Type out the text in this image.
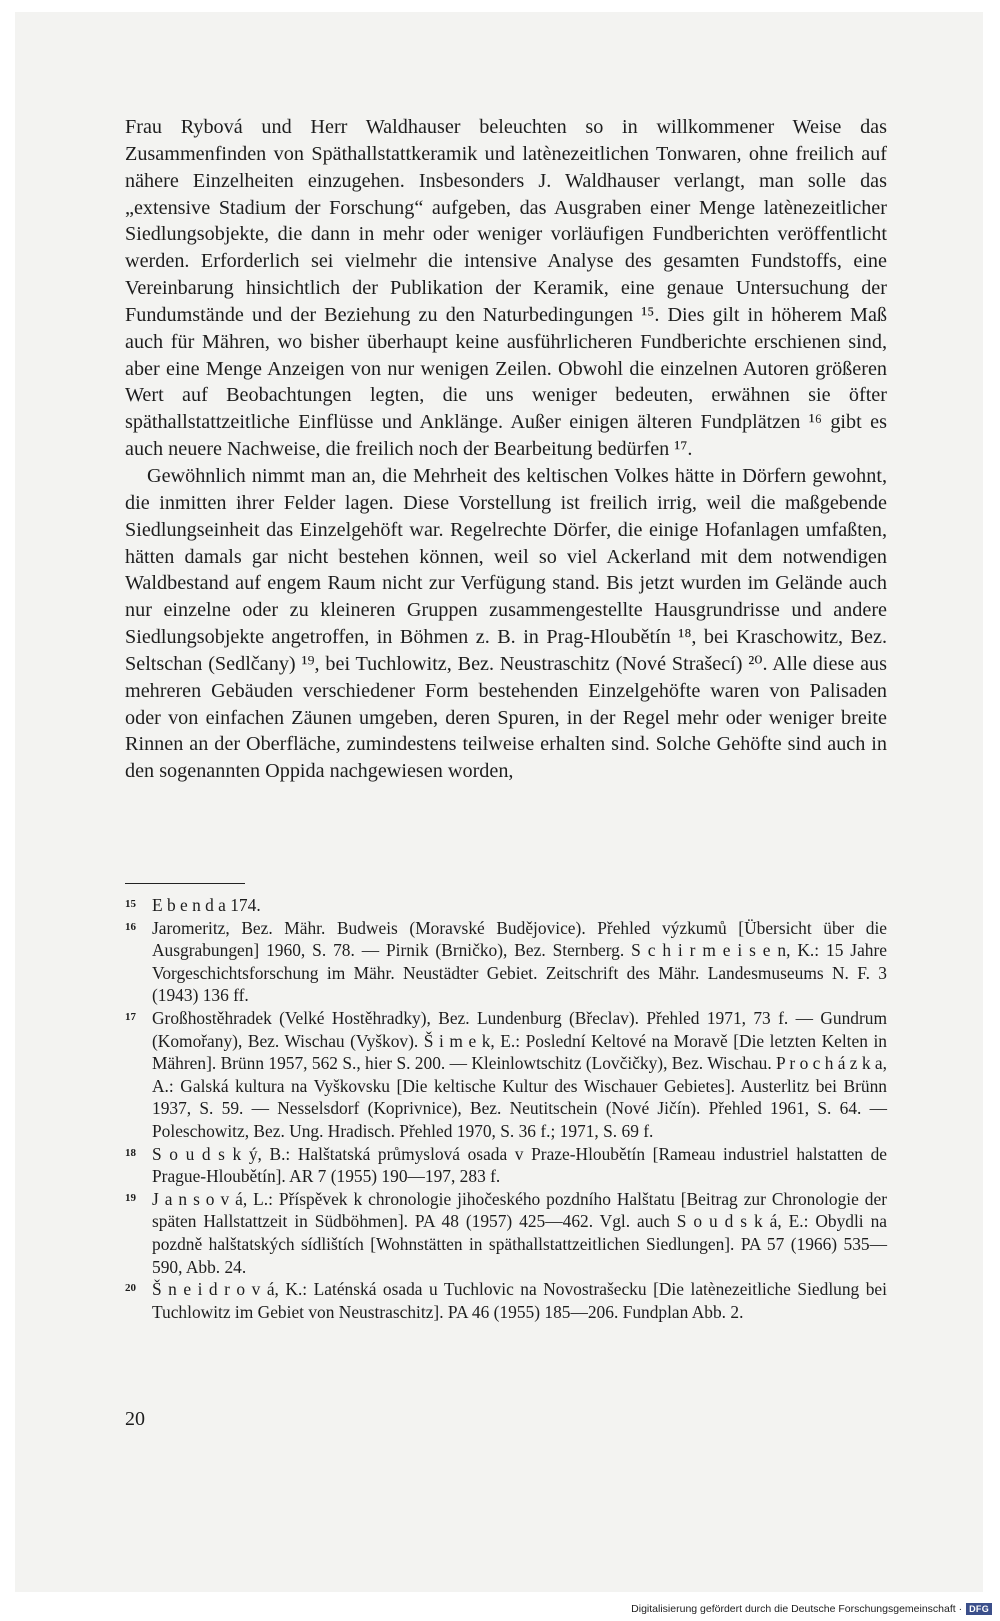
Frau Rybová und Herr Waldhauser beleuchten so in willkommener Weise das Zusammenfinden von Späthallstattkeramik und latènezeitlichen Tonwaren, ohne freilich auf nähere Einzelheiten einzugehen. Insbesonders J. Waldhauser verlangt, man solle das „extensive Stadium der Forschung“ aufgeben, das Ausgraben einer Menge latènezeitlicher Siedlungsobjekte, die dann in mehr oder weniger vorläufigen Fundberichten veröffentlicht werden. Erforderlich sei vielmehr die intensive Analyse des gesamten Fundstoffs, eine Vereinbarung hinsichtlich der Publikation der Keramik, eine genaue Untersuchung der Fundumstände und der Beziehung zu den Naturbedingungen ¹⁵. Dies gilt in höherem Maß auch für Mähren, wo bisher überhaupt keine ausführlicheren Fundberichte erschienen sind, aber eine Menge Anzeigen von nur wenigen Zeilen. Obwohl die einzelnen Autoren größeren Wert auf Beobachtungen legten, die uns weniger bedeuten, erwähnen sie öfter späthallstattzeitliche Einflüsse und Anklänge. Außer einigen älteren Fundplätzen ¹⁶ gibt es auch neuere Nachweise, die freilich noch der Bearbeitung bedürfen ¹⁷.

Gewöhnlich nimmt man an, die Mehrheit des keltischen Volkes hätte in Dörfern gewohnt, die inmitten ihrer Felder lagen. Diese Vorstellung ist freilich irrig, weil die maßgebende Siedlungseinheit das Einzelgehöft war. Regelrechte Dörfer, die einige Hofanlagen umfaßten, hätten damals gar nicht bestehen können, weil so viel Ackerland mit dem notwendigen Waldbestand auf engem Raum nicht zur Verfügung stand. Bis jetzt wurden im Gelände auch nur einzelne oder zu kleineren Gruppen zusammengestellte Hausgrundrisse und andere Siedlungsobjekte angetroffen, in Böhmen z. B. in Prag-Hloubětín ¹⁸, bei Kraschowitz, Bez. Seltschan (Sedlčany) ¹⁹, bei Tuchlowitz, Bez. Neustraschitz (Nové Strašecí) ²⁰. Alle diese aus mehreren Gebäuden verschiedener Form bestehenden Einzelgehöfte waren von Palisaden oder von einfachen Zäunen umgeben, deren Spuren, in der Regel mehr oder weniger breite Rinnen an der Oberfläche, zumindestens teilweise erhalten sind. Solche Gehöfte sind auch in den sogenannten Oppida nachgewiesen worden,

15 E b e n d a 174.
16 Jaromeritz, Bez. Mähr. Budweis (Moravské Budějovice). Přehled výzkumů [Übersicht über die Ausgrabungen] 1960, S. 78. — Pirnik (Brničko), Bez. Sternberg. S c h i r m e i s e n, K.: 15 Jahre Vorgeschichtsforschung im Mähr. Neustädter Gebiet. Zeitschrift des Mähr. Landesmuseums N. F. 3 (1943) 136 ff.
17 Großhostěhradek (Velké Hostěhradky), Bez. Lundenburg (Břeclav). Přehled 1971, 73 f. — Gundrum (Komořany), Bez. Wischau (Vyškov). Š i m e k, E.: Poslední Keltové na Moravě [Die letzten Kelten in Mähren]. Brünn 1957, 562 S., hier S. 200. — Kleinlowtschitz (Lovčičky), Bez. Wischau. P r o c h á z k a, A.: Galská kultura na Vyškovsku [Die keltische Kultur des Wischauer Gebietes]. Austerlitz bei Brünn 1937, S. 59. — Nesselsdorf (Koprivnice), Bez. Neutitschein (Nové Jičín). Přehled 1961, S. 64. — Poleschowitz, Bez. Ung. Hradisch. Přehled 1970, S. 36 f.; 1971, S. 69 f.
18 S o u d s k ý, B.: Halštatská průmyslová osada v Praze-Hloubětín [Rameau industriel halstatten de Prague-Hloubětín]. AR 7 (1955) 190—197, 283 f.
19 J a n s o v á, L.: Příspěvek k chronologie jihočeského pozdního Halštatu [Beitrag zur Chronologie der späten Hallstattzeit in Südböhmen]. PA 48 (1957) 425—462. Vgl. auch S o u d s k á, E.: Obydli na pozdně halštatských sídlištích [Wohnstätten in späthallstattzeitlichen Siedlungen]. PA 57 (1966) 535—590, Abb. 24.
20 Š n e i d r o v á, K.: Laténská osada u Tuchlovic na Novostrašecku [Die latènezeitliche Siedlung bei Tuchlowitz im Gebiet von Neustraschitz]. PA 46 (1955) 185—206. Fundplan Abb. 2.
20
Digitalisierung gefördert durch die Deutsche Forschungsgemeinschaft · DFG
